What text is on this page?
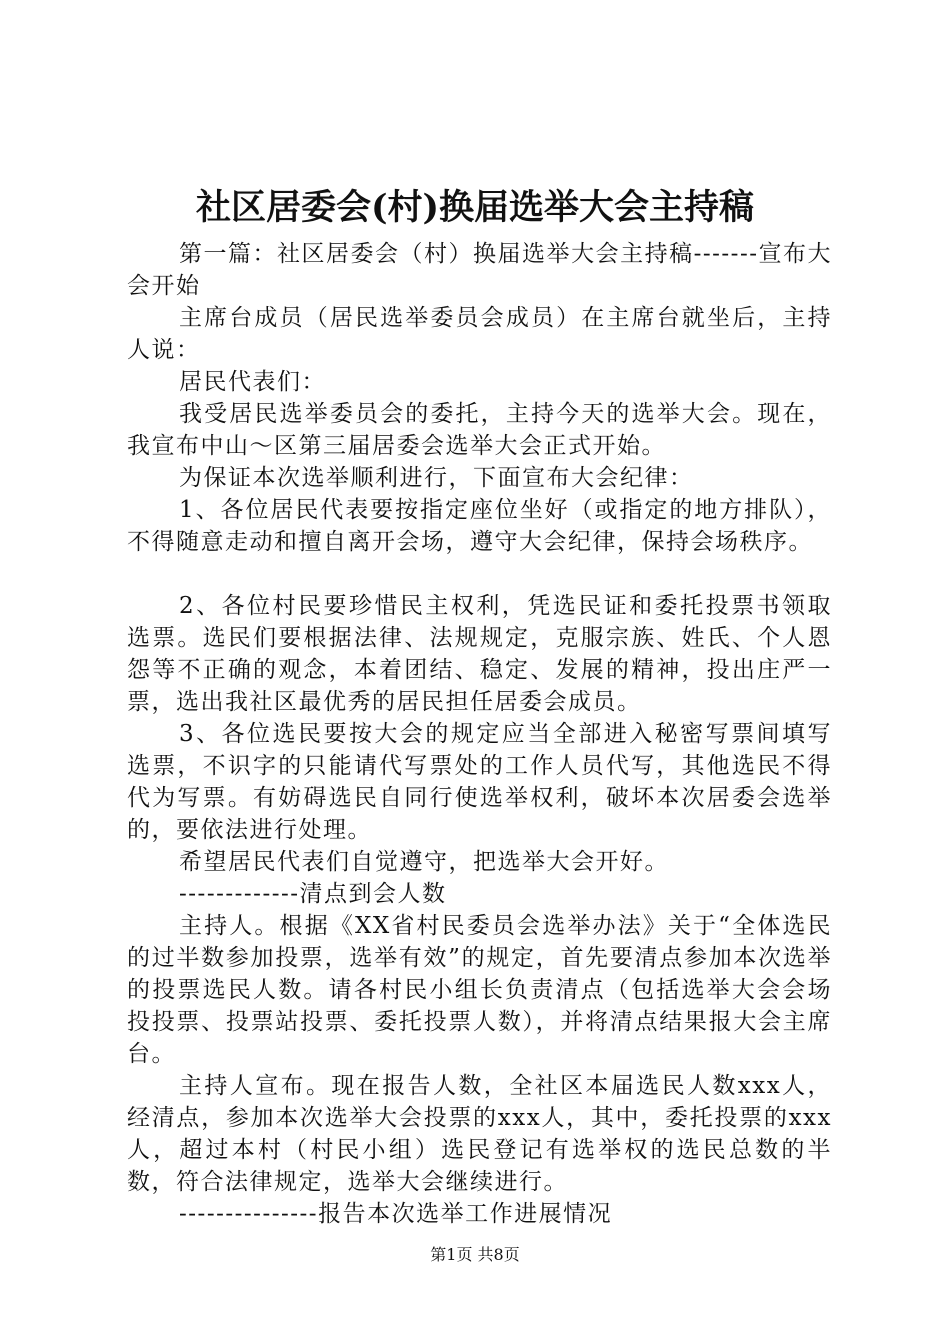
社区居委会(村)换届选举大会主持稿

第一篇：社区居委会（村）换届选举大会主持稿-------宣布大会开始

主席台成员（居民选举委员会成员）在主席台就坐后，主持人说：

居民代表们：

我受居民选举委员会的委托，主持今天的选举大会。现在，我宣布中山～区第三届居委会选举大会正式开始。

为保证本次选举顺利进行，下面宣布大会纪律：

1、各位居民代表要按指定座位坐好（或指定的地方排队），不得随意走动和擅自离开会场，遵守大会纪律，保持会场秩序。

2、各位村民要珍惜民主权利，凭选民证和委托投票书领取选票。选民们要根据法律、法规规定，克服宗族、姓氏、个人恩怨等不正确的观念，本着团结、稳定、发展的精神，投出庄严一票，选出我社区最优秀的居民担任居委会成员。

3、各位选民要按大会的规定应当全部进入秘密写票间填写选票，不识字的只能请代写票处的工作人员代写，其他选民不得代为写票。有妨碍选民自同行使选举权利，破坏本次居委会选举的，要依法进行处理。

希望居民代表们自觉遵守，把选举大会开好。

-------------清点到会人数

主持人。根据《XX省村民委员会选举办法》关于“全体选民的过半数参加投票，选举有效”的规定，首先要清点参加本次选举的投票选民人数。请各村民小组长负责清点（包括选举大会会场投投票、投票站投票、委托投票人数），并将清点结果报大会主席台。

主持人宣布。现在报告人数，全社区本届选民人数xxx人，经清点，参加本次选举大会投票的xxx人，其中，委托投票的xxx人，超过本村（村民小组）选民登记有选举权的选民总数的半数，符合法律规定，选举大会继续进行。

---------------报告本次选举工作进展情况

第1页 共8页
